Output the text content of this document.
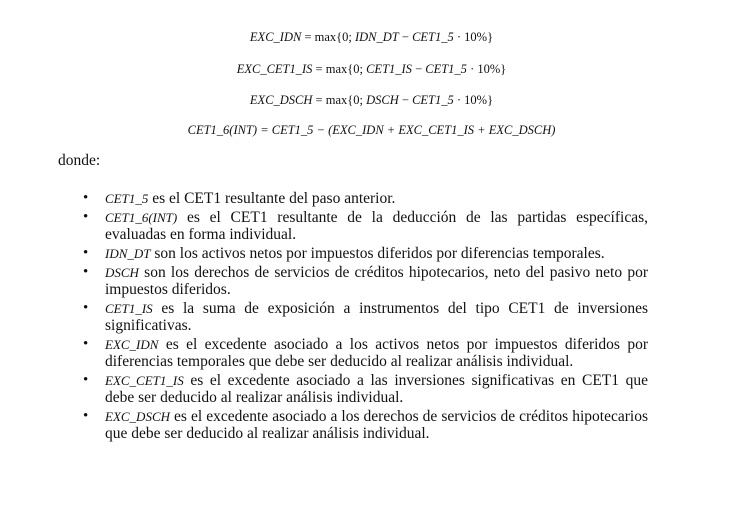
EXC_IDN = max{0; IDN_DT − CET1_5 · 10%}
EXC_CET1_IS = max{0; CET1_IS − CET1_5 · 10%}
EXC_DSCH = max{0; DSCH − CET1_5 · 10%}
CET1_6(INT) = CET1_5 − (EXC_IDN + EXC_CET1_IS + EXC_DSCH)
donde:
• CET1_5 es el CET1 resultante del paso anterior.
• CET1_6(INT) es el CET1 resultante de la deducción de las partidas específicas, evaluadas en forma individual.
• IDN_DT son los activos netos por impuestos diferidos por diferencias temporales.
• DSCH son los derechos de servicios de créditos hipotecarios, neto del pasivo neto por impuestos diferidos.
• CET1_IS es la suma de exposición a instrumentos del tipo CET1 de inversiones significativas.
• EXC_IDN es el excedente asociado a los activos netos por impuestos diferidos por diferencias temporales que debe ser deducido al realizar análisis individual.
• EXC_CET1_IS es el excedente asociado a las inversiones significativas en CET1 que debe ser deducido al realizar análisis individual.
• EXC_DSCH es el excedente asociado a los derechos de servicios de créditos hipotecarios que debe ser deducido al realizar análisis individual.
